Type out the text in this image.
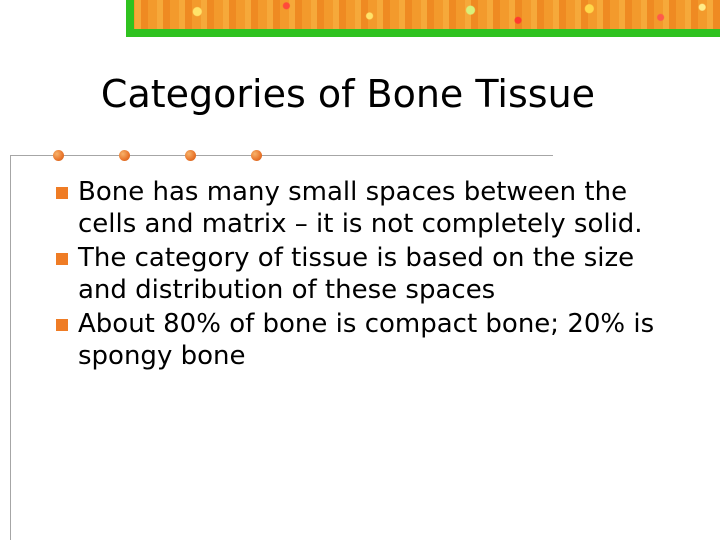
Categories of Bone Tissue
Bone has many small spaces between the cells and matrix – it is not completely solid.
The category of tissue is based on the size and distribution of these spaces
About 80% of bone is compact bone; 20% is spongy bone
